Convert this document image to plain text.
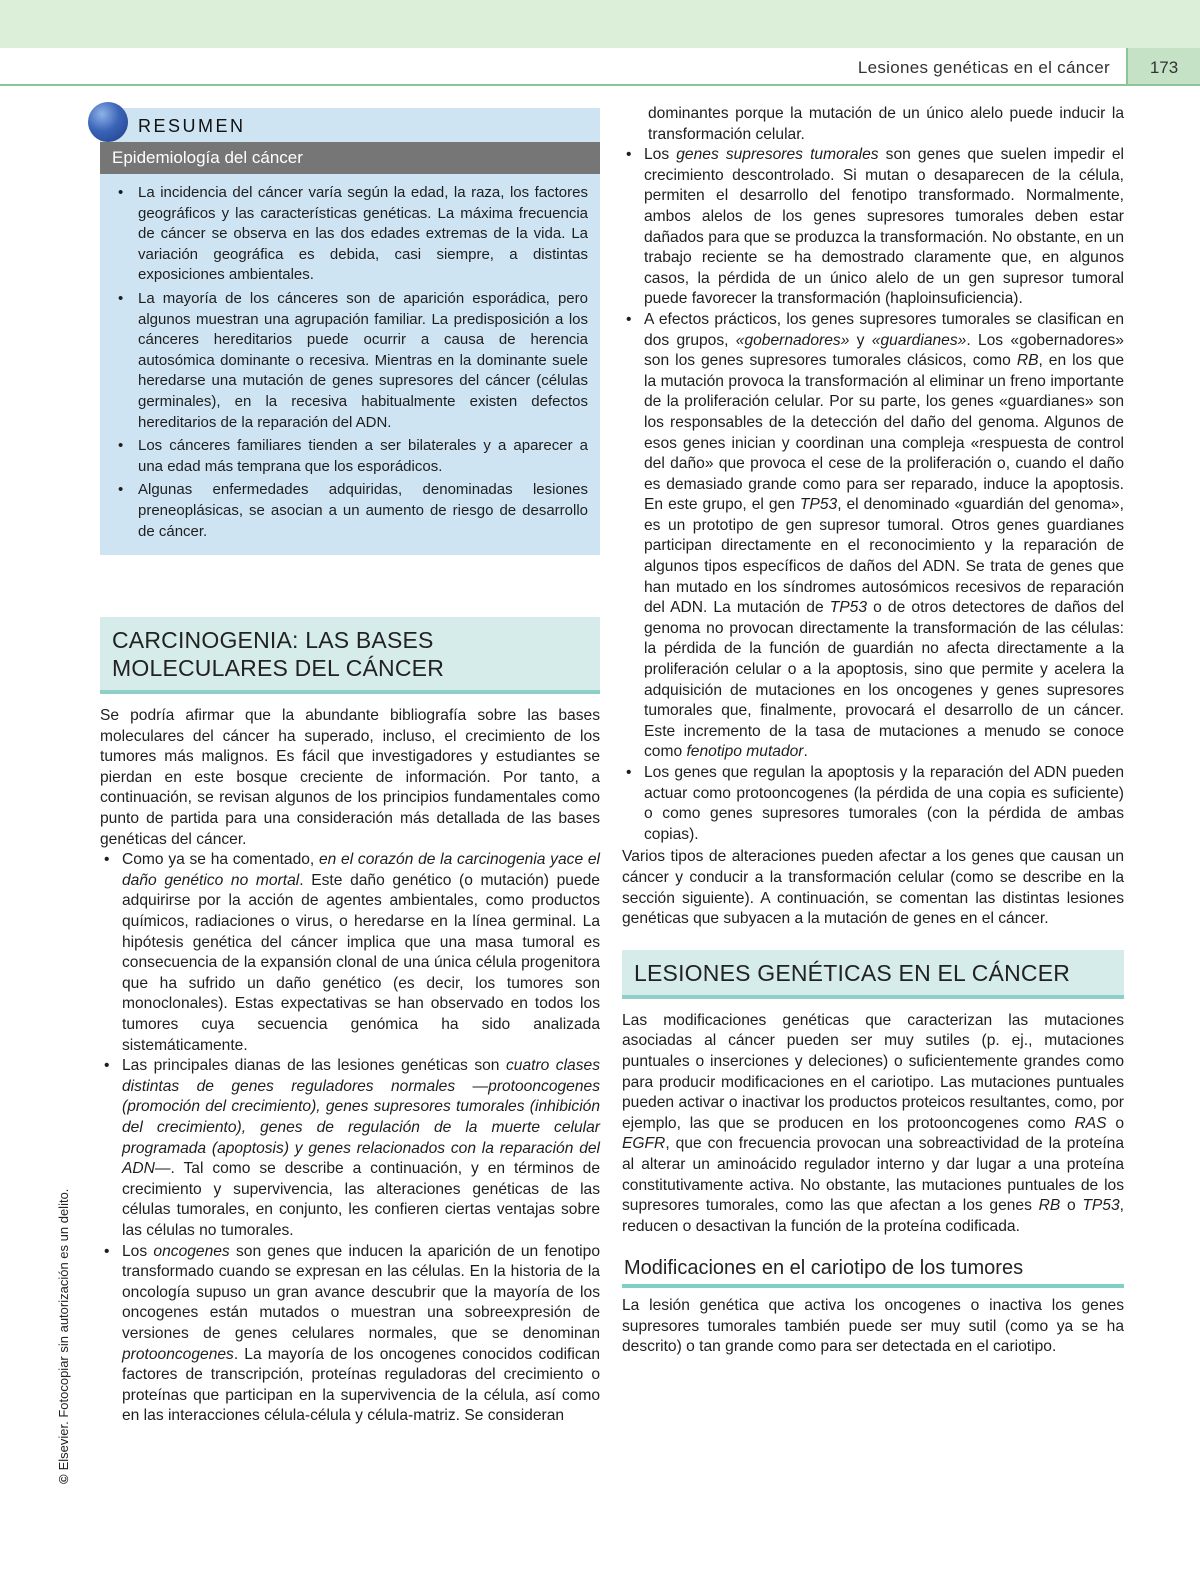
Lesiones genéticas en el cáncer	173
©Elsevier. Fotocopiar sin autorización es un delito.
RESUMEN
Epidemiología del cáncer
• La incidencia del cáncer varía según la edad, la raza, los factores geográficos y las características genéticas. La máxima frecuencia de cáncer se observa en las dos edades extremas de la vida. La variación geográfica es debida, casi siempre, a distintas exposiciones ambientales.
• La mayoría de los cánceres son de aparición esporádica, pero algunos muestran una agrupación familiar. La predisposición a los cánceres hereditarios puede ocurrir a causa de herencia autosómica dominante o recesiva. Mientras en la dominante suele heredarse una mutación de genes supresores del cáncer (células germinales), en la recesiva habitualmente existen defectos hereditarios de la reparación del ADN.
• Los cánceres familiares tienden a ser bilaterales y a aparecer a una edad más temprana que los esporádicos.
• Algunas enfermedades adquiridas, denominadas lesiones preneoplásicas, se asocian a un aumento de riesgo de desarrollo de cáncer.
CARCINOGENIA: LAS BASES MOLECULARES DEL CÁNCER

Se podría afirmar que la abundante bibliografía sobre las bases moleculares del cáncer ha superado, incluso, el crecimiento de los tumores más malignos. Es fácil que investigadores y estudiantes se pierdan en este bosque creciente de información. Por tanto, a continuación, se revisan algunos de los principios fundamentales como punto de partida para una consideración más detallada de las bases genéticas del cáncer.

• Como ya se ha comentado, en el corazón de la carcinogenia yace el daño genético no mortal. Este daño genético (o mutación) puede adquirirse por la acción de agentes ambientales, como productos químicos, radiaciones o virus, o heredarse en la línea germinal. La hipótesis genética del cáncer implica que una masa tumoral es consecuencia de la expansión clonal de una única célula progenitora que ha sufrido un daño genético (es decir, los tumores son monoclonales). Estas expectativas se han observado en todos los tumores cuya secuencia genómica ha sido analizada sistemáticamente.
• Las principales dianas de las lesiones genéticas son cuatro clases distintas de genes reguladores normales —protooncogenes (promoción del crecimiento), genes supresores tumorales (inhibición del crecimiento), genes de regulación de la muerte celular programada (apoptosis) y genes relacionados con la reparación del ADN—. Tal como se describe a continuación, y en términos de crecimiento y supervivencia, las alteraciones genéticas de las células tumorales, en conjunto, les confieren ciertas ventajas sobre las células no tumorales.
• Los oncogenes son genes que inducen la aparición de un fenotipo transformado cuando se expresan en las células. En la historia de la oncología supuso un gran avance descubrir que la mayoría de los oncogenes están mutados o muestran una sobreexpresión de versiones de genes celulares normales, que se denominan protooncogenes. La mayoría de los oncogenes conocidos codifican factores de transcripción, proteínas reguladoras del crecimiento o proteínas que participan en la supervivencia de la célula, así como en las interacciones célula-célula y célula-matriz. Se consideran
dominantes porque la mutación de un único alelo puede inducir la transformación celular.
• Los genes supresores tumorales son genes que suelen impedir el crecimiento descontrolado. Si mutan o desaparecen de la célula, permiten el desarrollo del fenotipo transformado. Normalmente, ambos alelos de los genes supresores tumorales deben estar dañados para que se produzca la transformación. No obstante, en un trabajo reciente se ha demostrado claramente que, en algunos casos, la pérdida de un único alelo de un gen supresor tumoral puede favorecer la transformación (haploinsuficiencia).
• A efectos prácticos, los genes supresores tumorales se clasifican en dos grupos, «gobernadores» y «guardianes». Los «gobernadores» son los genes supresores tumorales clásicos, como RB, en los que la mutación provoca la transformación al eliminar un freno importante de la proliferación celular. Por su parte, los genes «guardianes» son los responsables de la detección del daño del genoma. Algunos de esos genes inician y coordinan una compleja «respuesta de control del daño» que provoca el cese de la proliferación o, cuando el daño es demasiado grande como para ser reparado, induce la apoptosis. En este grupo, el gen TP53, el denominado «guardián del genoma», es un prototipo de gen supresor tumoral. Otros genes guardianes participan directamente en el reconocimiento y la reparación de algunos tipos específicos de daños del ADN. Se trata de genes que han mutado en los síndromes autosómicos recesivos de reparación del ADN. La mutación de TP53 o de otros detectores de daños del genoma no provocan directamente la transformación de las células: la pérdida de la función de guardián no afecta directamente a la proliferación celular o a la apoptosis, sino que permite y acelera la adquisición de mutaciones en los oncogenes y genes supresores tumorales que, finalmente, provocará el desarrollo de un cáncer. Este incremento de la tasa de mutaciones a menudo se conoce como fenotipo mutador.
• Los genes que regulan la apoptosis y la reparación del ADN pueden actuar como protooncogenes (la pérdida de una copia es suficiente) o como genes supresores tumorales (con la pérdida de ambas copias).

Varios tipos de alteraciones pueden afectar a los genes que causan un cáncer y conducir a la transformación celular (como se describe en la sección siguiente). A continuación, se comentan las distintas lesiones genéticas que subyacen a la mutación de genes en el cáncer.

LESIONES GENÉTICAS EN EL CÁNCER

Las modificaciones genéticas que caracterizan las mutaciones asociadas al cáncer pueden ser muy sutiles (p. ej., mutaciones puntuales o inserciones y deleciones) o suficientemente grandes como para producir modificaciones en el cariotipo. Las mutaciones puntuales pueden activar o inactivar los productos proteicos resultantes, como, por ejemplo, las que se producen en los protooncogenes como RAS o EGFR, que con frecuencia provocan una sobreactividad de la proteína al alterar un aminoácido regulador interno y dar lugar a una proteína constitutivamente activa. No obstante, las mutaciones puntuales de los supresores tumorales, como las que afectan a los genes RB o TP53, reducen o desactivan la función de la proteína codificada.

Modificaciones en el cariotipo de los tumores

La lesión genética que activa los oncogenes o inactiva los genes supresores tumorales también puede ser muy sutil (como ya se ha descrito) o tan grande como para ser detectada en el cariotipo.
